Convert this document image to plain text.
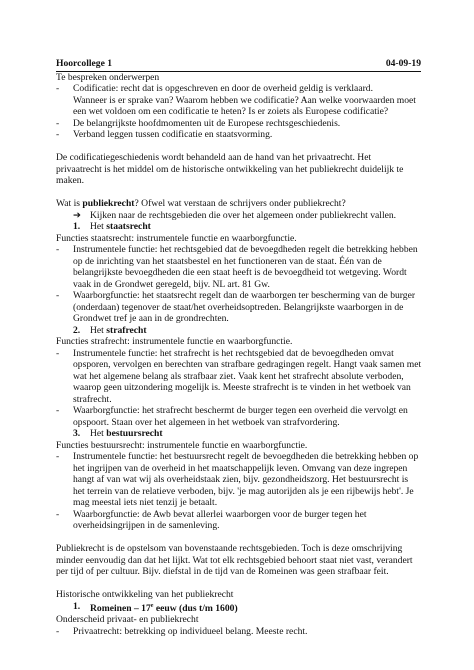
Hoorcollege 1	04-09-19
Te bespreken onderwerpen
-	Codificatie: recht dat is opgeschreven en door de overheid geldig is verklaard.
Wanneer is er sprake van? Waarom hebben we codificatie? Aan welke voorwaarden moet
een wet voldoen om een codificatie te heten? Is er zoiets als Europese codificatie?
-	De belangrijkste hoofdmomenten uit de Europese rechtsgeschiedenis.
-	Verband leggen tussen codificatie en staatsvorming.
De codificatiegeschiedenis wordt behandeld aan de hand van het privaatrecht. Het
privaatrecht is het middel om de historische ontwikkeling van het publiekrecht duidelijk te
maken.
Wat is publiekrecht? Ofwel wat verstaan de schrijvers onder publiekrecht?
➔ Kijken naar de rechtsgebieden die over het algemeen onder publiekrecht vallen.
1.	Het staatsrecht
Functies staatsrecht: instrumentele functie en waarborgfunctie.
-	Instrumentele functie: het rechtsgebied dat de bevoegdheden regelt die betrekking hebben
op de inrichting van het staatsbestel en het functioneren van de staat. Één van de
belangrijkste bevoegdheden die een staat heeft is de bevoegdheid tot wetgeving. Wordt
vaak in de Grondwet geregeld, bijv. NL art. 81 Gw.
-	Waarborgfunctie: het staatsrecht regelt dan de waarborgen ter bescherming van de burger
(onderdaan) tegenover de staat/het overheidsoptreden. Belangrijkste waarborgen in de
Grondwet tref je aan in de grondrechten.
2.	Het strafrecht
Functies strafrecht: instrumentele functie en waarborgfunctie.
-	Instrumentele functie: het strafrecht is het rechtsgebied dat de bevoegdheden omvat
opsporen, vervolgen en berechten van strafbare gedragingen regelt. Hangt vaak samen met
wat het algemene belang als strafbaar ziet. Vaak kent het strafrecht absolute verboden,
waarop geen uitzondering mogelijk is. Meeste strafrecht is te vinden in het wetboek van
strafrecht.
-	Waarborgfunctie: het strafrecht beschermt de burger tegen een overheid die vervolgt en
opspoort. Staan over het algemeen in het wetboek van strafvordering.
3.	Het bestuursrecht
Functies bestuursrecht: instrumentele functie en waarborgfunctie.
-	Instrumentele functie: het bestuursrecht regelt de bevoegdheden die betrekking hebben op
het ingrijpen van de overheid in het maatschappelijk leven. Omvang van deze ingrepen
hangt af van wat wij als overheidstaak zien, bijv. gezondheidszorg. Het bestuursrecht is
het terrein van de relatieve verboden, bijv. 'je mag autorijden als je een rijbewijs hebt'. Je
mag meestal iets niet tenzij je betaalt.
-	Waarborgfunctie: de Awb bevat allerlei waarborgen voor de burger tegen het
overheidsingrijpen in de samenleving.
Publiekrecht is de opstelsom van bovenstaande rechtsgebieden. Toch is deze omschrijving
minder eenvoudig dan dat het lijkt. Wat tot elk rechtsgebied behoort staat niet vast, verandert
per tijd of per cultuur. Bijv. diefstal in de tijd van de Romeinen was geen strafbaar feit.
Historische ontwikkeling van het publiekrecht
1.	Romeinen – 17e eeuw (dus t/m 1600)
Onderscheid privaat- en publiekrecht
-	Privaatrecht: betrekking op individueel belang. Meeste recht.
